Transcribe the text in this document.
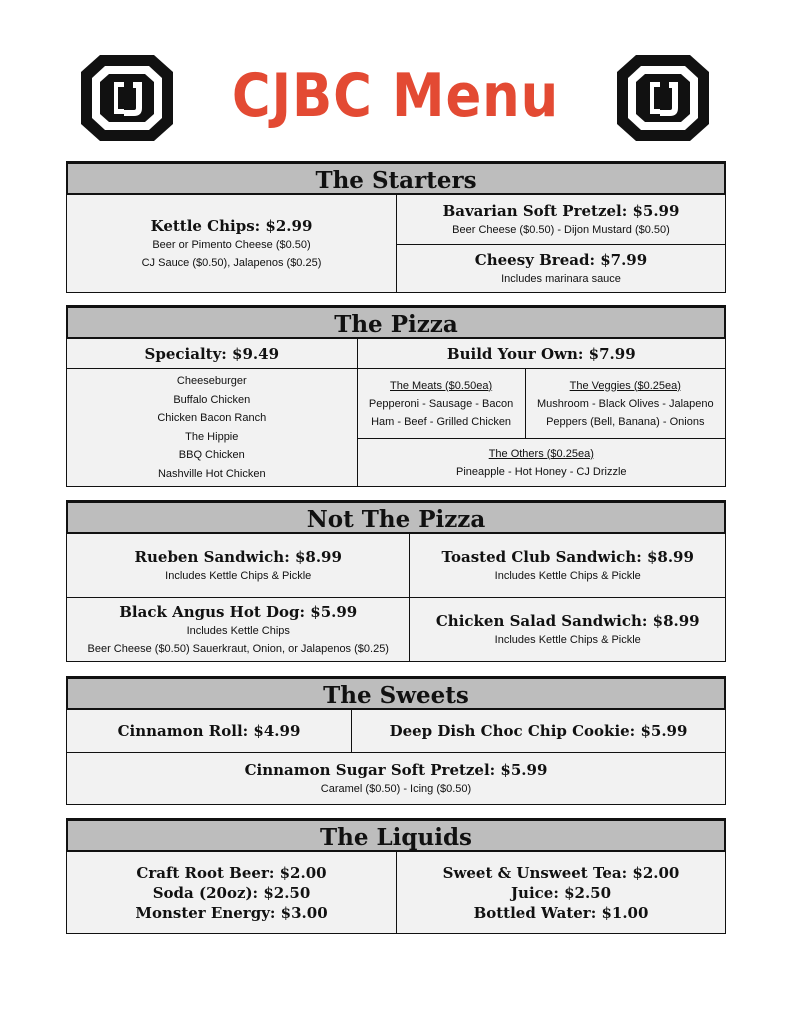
CJBC Menu
The Starters
Kettle Chips: $2.99
Beer or Pimento Cheese ($0.50)
CJ Sauce ($0.50), Jalapenos ($0.25)
Bavarian Soft Pretzel: $5.99
Beer Cheese ($0.50) - Dijon Mustard ($0.50)
Cheesy Bread: $7.99
Includes marinara sauce
The Pizza
Specialty: $9.49
Cheeseburger
Buffalo Chicken
Chicken Bacon Ranch
The Hippie
BBQ Chicken
Nashville Hot Chicken
Build Your Own: $7.99
The Meats ($0.50ea)
Pepperoni - Sausage - Bacon
Ham - Beef - Grilled Chicken
The Veggies ($0.25ea)
Mushroom - Black Olives - Jalapeno
Peppers (Bell, Banana) - Onions
The Others ($0.25ea)
Pineapple - Hot Honey - CJ Drizzle
Not The Pizza
Rueben Sandwich: $8.99
Includes Kettle Chips & Pickle
Black Angus Hot Dog: $5.99
Includes Kettle Chips
Beer Cheese ($0.50) Sauerkraut, Onion, or Jalapenos ($0.25)
Toasted Club Sandwich: $8.99
Includes Kettle Chips & Pickle
Chicken Salad Sandwich: $8.99
Includes Kettle Chips & Pickle
The Sweets
Cinnamon Roll: $4.99	Deep Dish Choc Chip Cookie: $5.99
Cinnamon Sugar Soft Pretzel: $5.99
Caramel ($0.50) - Icing ($0.50)
The Liquids
Craft Root Beer: $2.00
Soda (20oz): $2.50
Monster Energy: $3.00
Sweet & Unsweet Tea: $2.00
Juice: $2.50
Bottled Water: $1.00
